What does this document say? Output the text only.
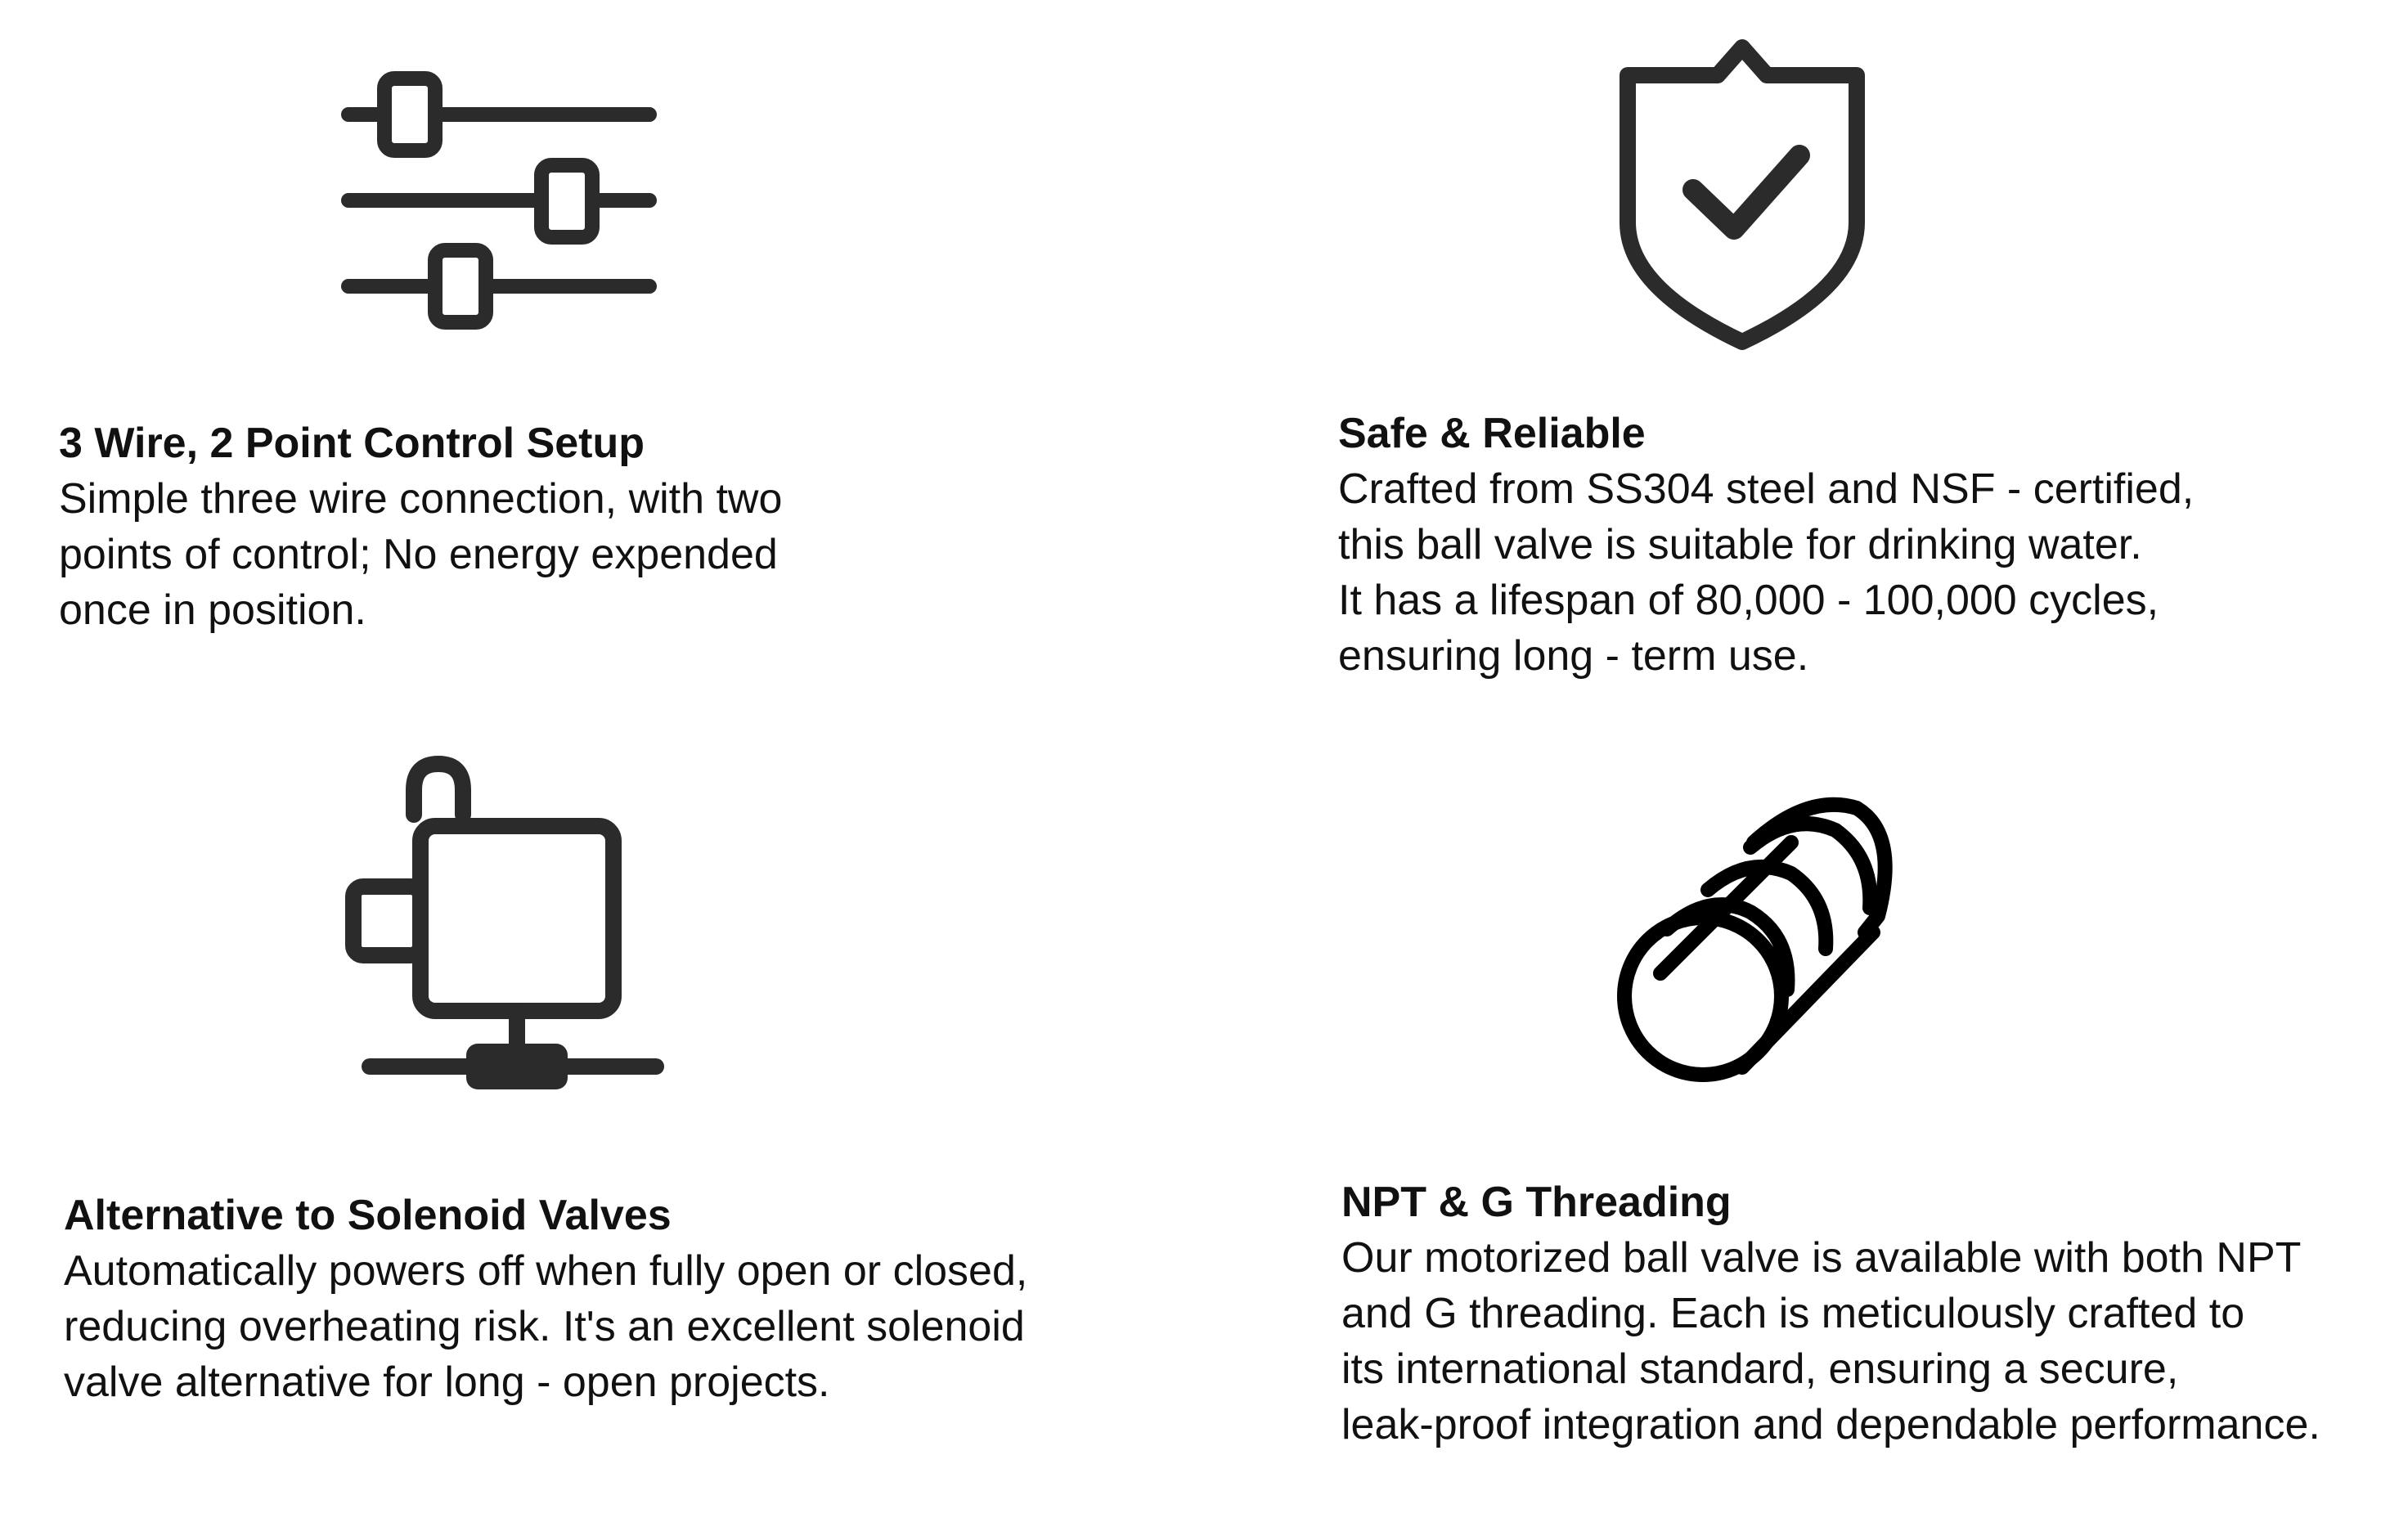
3 Wire, 2 Point Control Setup
Simple three wire connection, with two
points of control; No energy expended
once in position.
Safe & Reliable
Crafted from SS304 steel and NSF - certified,
this ball valve is suitable for drinking water.
It has a lifespan of 80,000 - 100,000 cycles,
ensuring long - term use.
Alternative to Solenoid Valves
Automatically powers off when fully open or closed,
reducing overheating risk. It's an excellent solenoid
valve alternative for long - open projects.
NPT & G Threading
Our motorized ball valve is available with both NPT
and G threading. Each is meticulously crafted to
its international standard, ensuring a secure,
leak-proof integration and dependable performance.
